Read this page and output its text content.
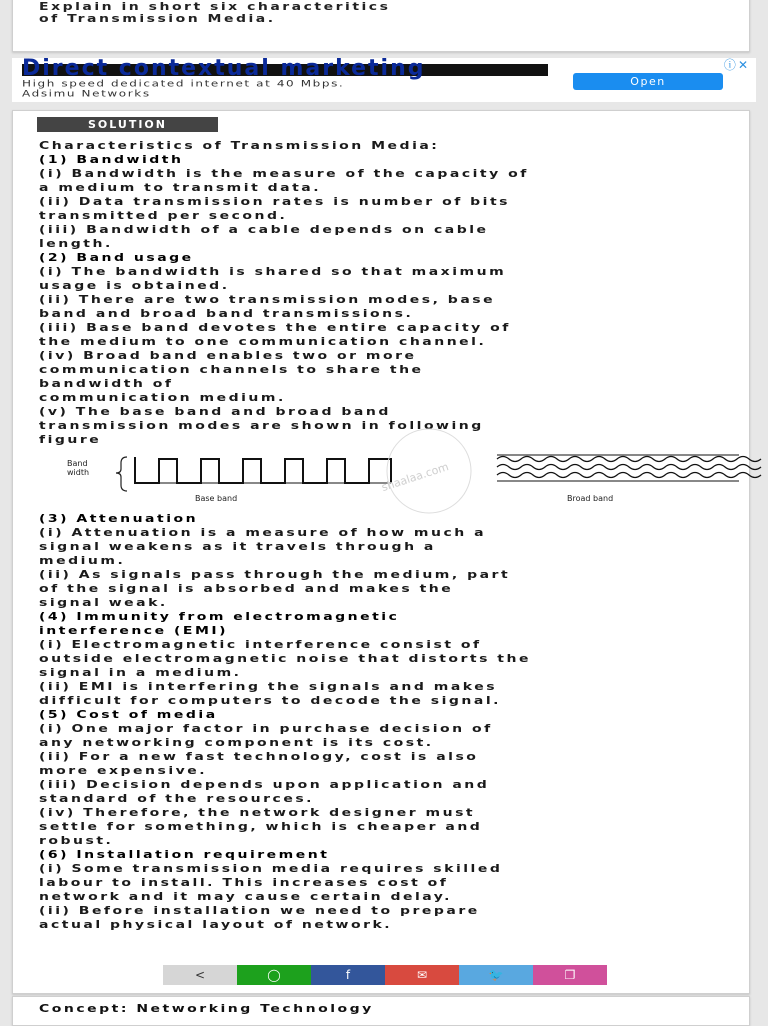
Explain in short six characteritics
of Transmission Media.
Direct contextual marketing
High speed dedicated internet at 40 Mbps.
Adsimu Networks
Open
ⓘ✕
SOLUTION

Characteristics of Transmission Media:

(1) Bandwidth

(i) Bandwidth is the measure of the capacity of

a medium to transmit data.

(ii) Data transmission rates is number of bits

transmitted per second.

(iii) Bandwidth of a cable depends on cable

length.

(2) Band usage

(i) The bandwidth is shared so that maximum

usage is obtained.

(ii) There are two transmission modes, base

band and broad band transmissions.

(iii) Base band devotes the entire capacity of

the medium to one communication channel.

(iv) Broad band enables two or more

communication channels to share the

bandwidth of

communication medium.

(v) The base band and broad band

transmission modes are shown in following

figure

Band
width	shaalaa.com
Base band	Broad band

(3) Attenuation

(i) Attenuation is a measure of how much a

signal weakens as it travels through a

medium.

(ii) As signals pass through the medium, part

of the signal is absorbed and makes the

signal weak.

(4) Immunity from electromagnetic

interference (EMI)

(i) Electromagnetic interference consist of

outside electromagnetic noise that distorts the

signal in a medium.

(ii) EMI is interfering the signals and makes

difficult for computers to decode the signal.

(5) Cost of media

(i) One major factor in purchase decision of

any networking component is its cost.

(ii) For a new fast technology, cost is also

more expensive.

(iii) Decision depends upon application and

standard of the resources.

(iv) Therefore, the network designer must

settle for something, which is cheaper and

robust.

(6) Installation requirement

(i) Some transmission media requires skilled

labour to install. This increases cost of

network and it may cause certain delay.

(ii) Before installation we need to prepare

actual physical layout of network.

<	◯	f	✉	🐦	❐
Concept: Networking Technology
